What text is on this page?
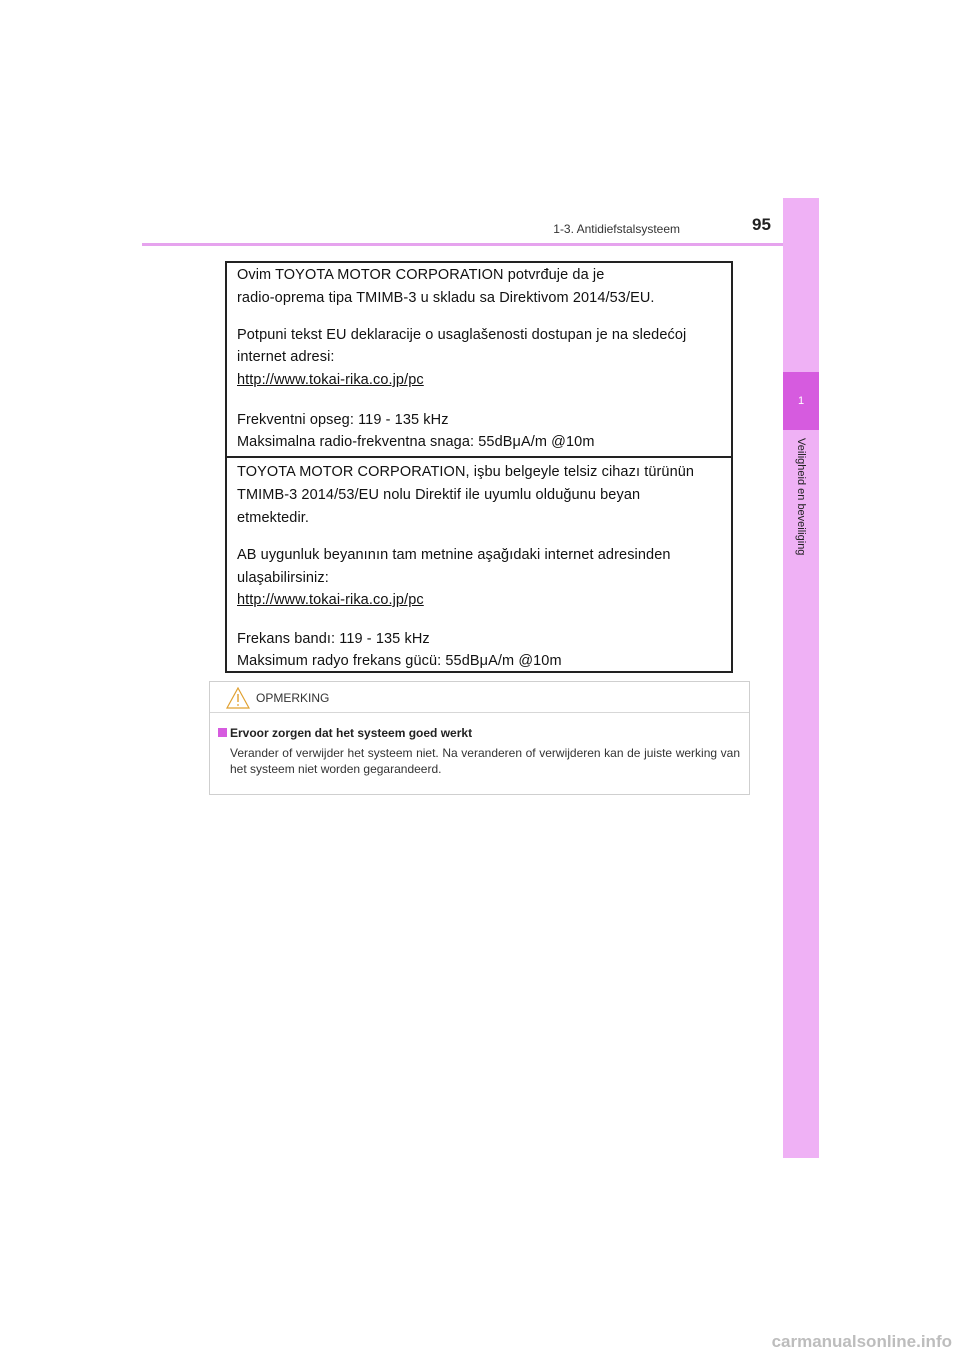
1-3. Antidiefstalsysteem	95
1
Veiligheid en beveiliging
Ovim TOYOTA MOTOR CORPORATION potvrđuje da je
radio-oprema tipa TMIMB-3 u skladu sa Direktivom 2014/53/EU.
Potpuni tekst EU deklaracije o usaglašenosti dostupan je na sledećoj
internet adresi:
http://www.tokai-rika.co.jp/pc
Frekventni opseg: 119 - 135 kHz
Maksimalna radio-frekventna snaga: 55dBμA/m @10m
TOYOTA MOTOR CORPORATION, işbu belgeyle telsiz cihazı türünün
TMIMB-3 2014/53/EU nolu Direktif ile uyumlu olduğunu beyan
etmektedir.
AB uygunluk beyanının tam metnine aşağıdaki internet adresinden
ulaşabilirsiniz:
http://www.tokai-rika.co.jp/pc
Frekans bandı: 119 - 135 kHz
Maksimum radyo frekans gücü: 55dBμA/m @10m
OPMERKING
Ervoor zorgen dat het systeem goed werkt
Verander of verwijder het systeem niet. Na veranderen of verwijderen kan de juiste werking van het systeem niet worden gegarandeerd.
carmanualsonline.info
